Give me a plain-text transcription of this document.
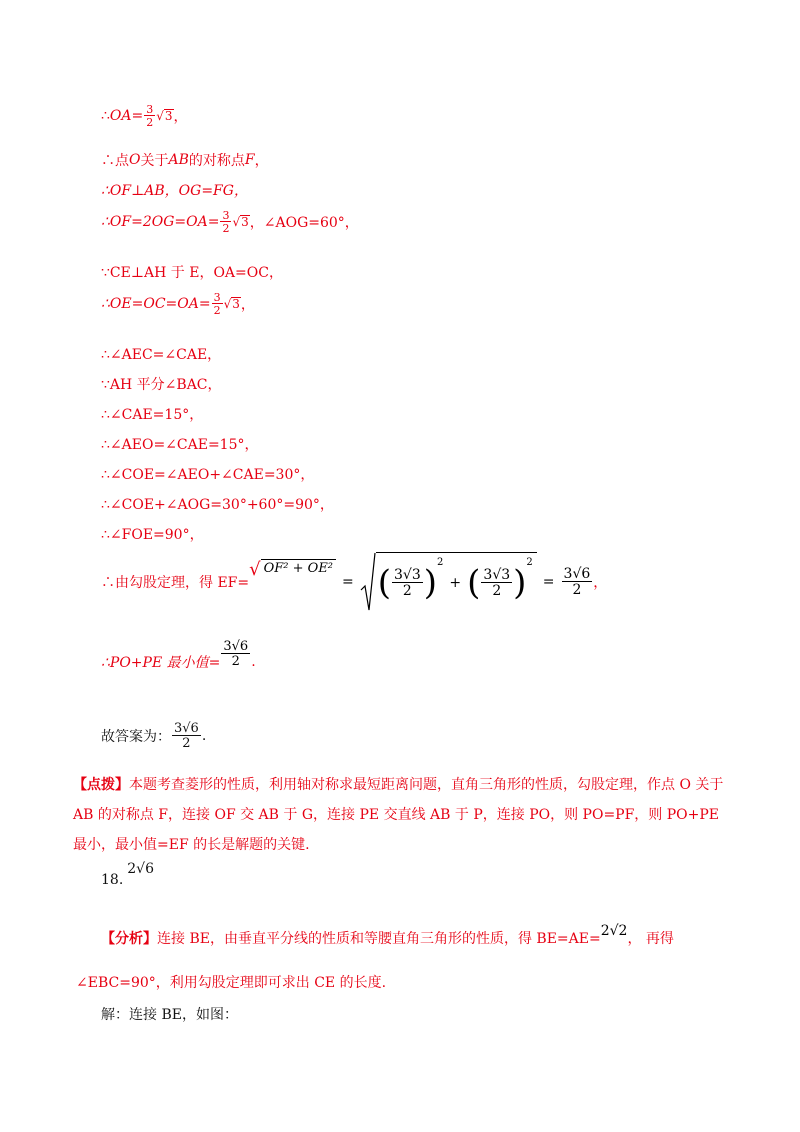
∴ OA = $\frac{3}{2}$ √ 3 ，
∴点 O 关于 AB 的对称点 F ，
∴OF⊥AB，OG=FG，
∴OF=2OG=OA= $\frac{3}{2}$ √ 3 ，∠AOG=60°，
∵CE⊥AH 于 E，OA=OC，
∴OE=OC=OA= $\frac{3}{2}$ √ 3 ，
∴∠AEC=∠CAE，
∵AH 平分∠BAC，
∴∠CAE=15°，
∴∠AEO=∠CAE=15°，
∴∠COE=∠AEO+∠CAE=30°，
∴∠COE+∠AOG=30°+60°=90°，
∴∠FOE=90°，
∴由勾股定理，得 EF=
√ OF² + OE²
= ( $\frac{3√3}{2}$ )
2
+ ( $\frac{3√3}{2}$ )
2
= $\frac{3√6}{2}$ ，
∴PO+PE 最小值= $\frac{3√6}{2}$ .
故答案为： $\frac{3√6}{2}$ .
【点拨】本题考查菱形的性质，利用轴对称求最短距离问题，直角三角形的性质，勾股定理，作点 O 关于 AB 的对称点 F，连接 OF 交 AB 于 G，连接 PE 交直线 AB 于 P，连接 PO，则 PO=PF，则 PO+PE 最小，最小值=EF 的长是解题的关键.
18.
2√6
【分析】 连接 BE，由垂直平分线的性质和等腰直角三角形的性质，得 BE=AE= 2√2 ， 再得
∠EBC=90°，利用勾股定理即可求出 CE 的长度.
解：连接 BE，如图：
